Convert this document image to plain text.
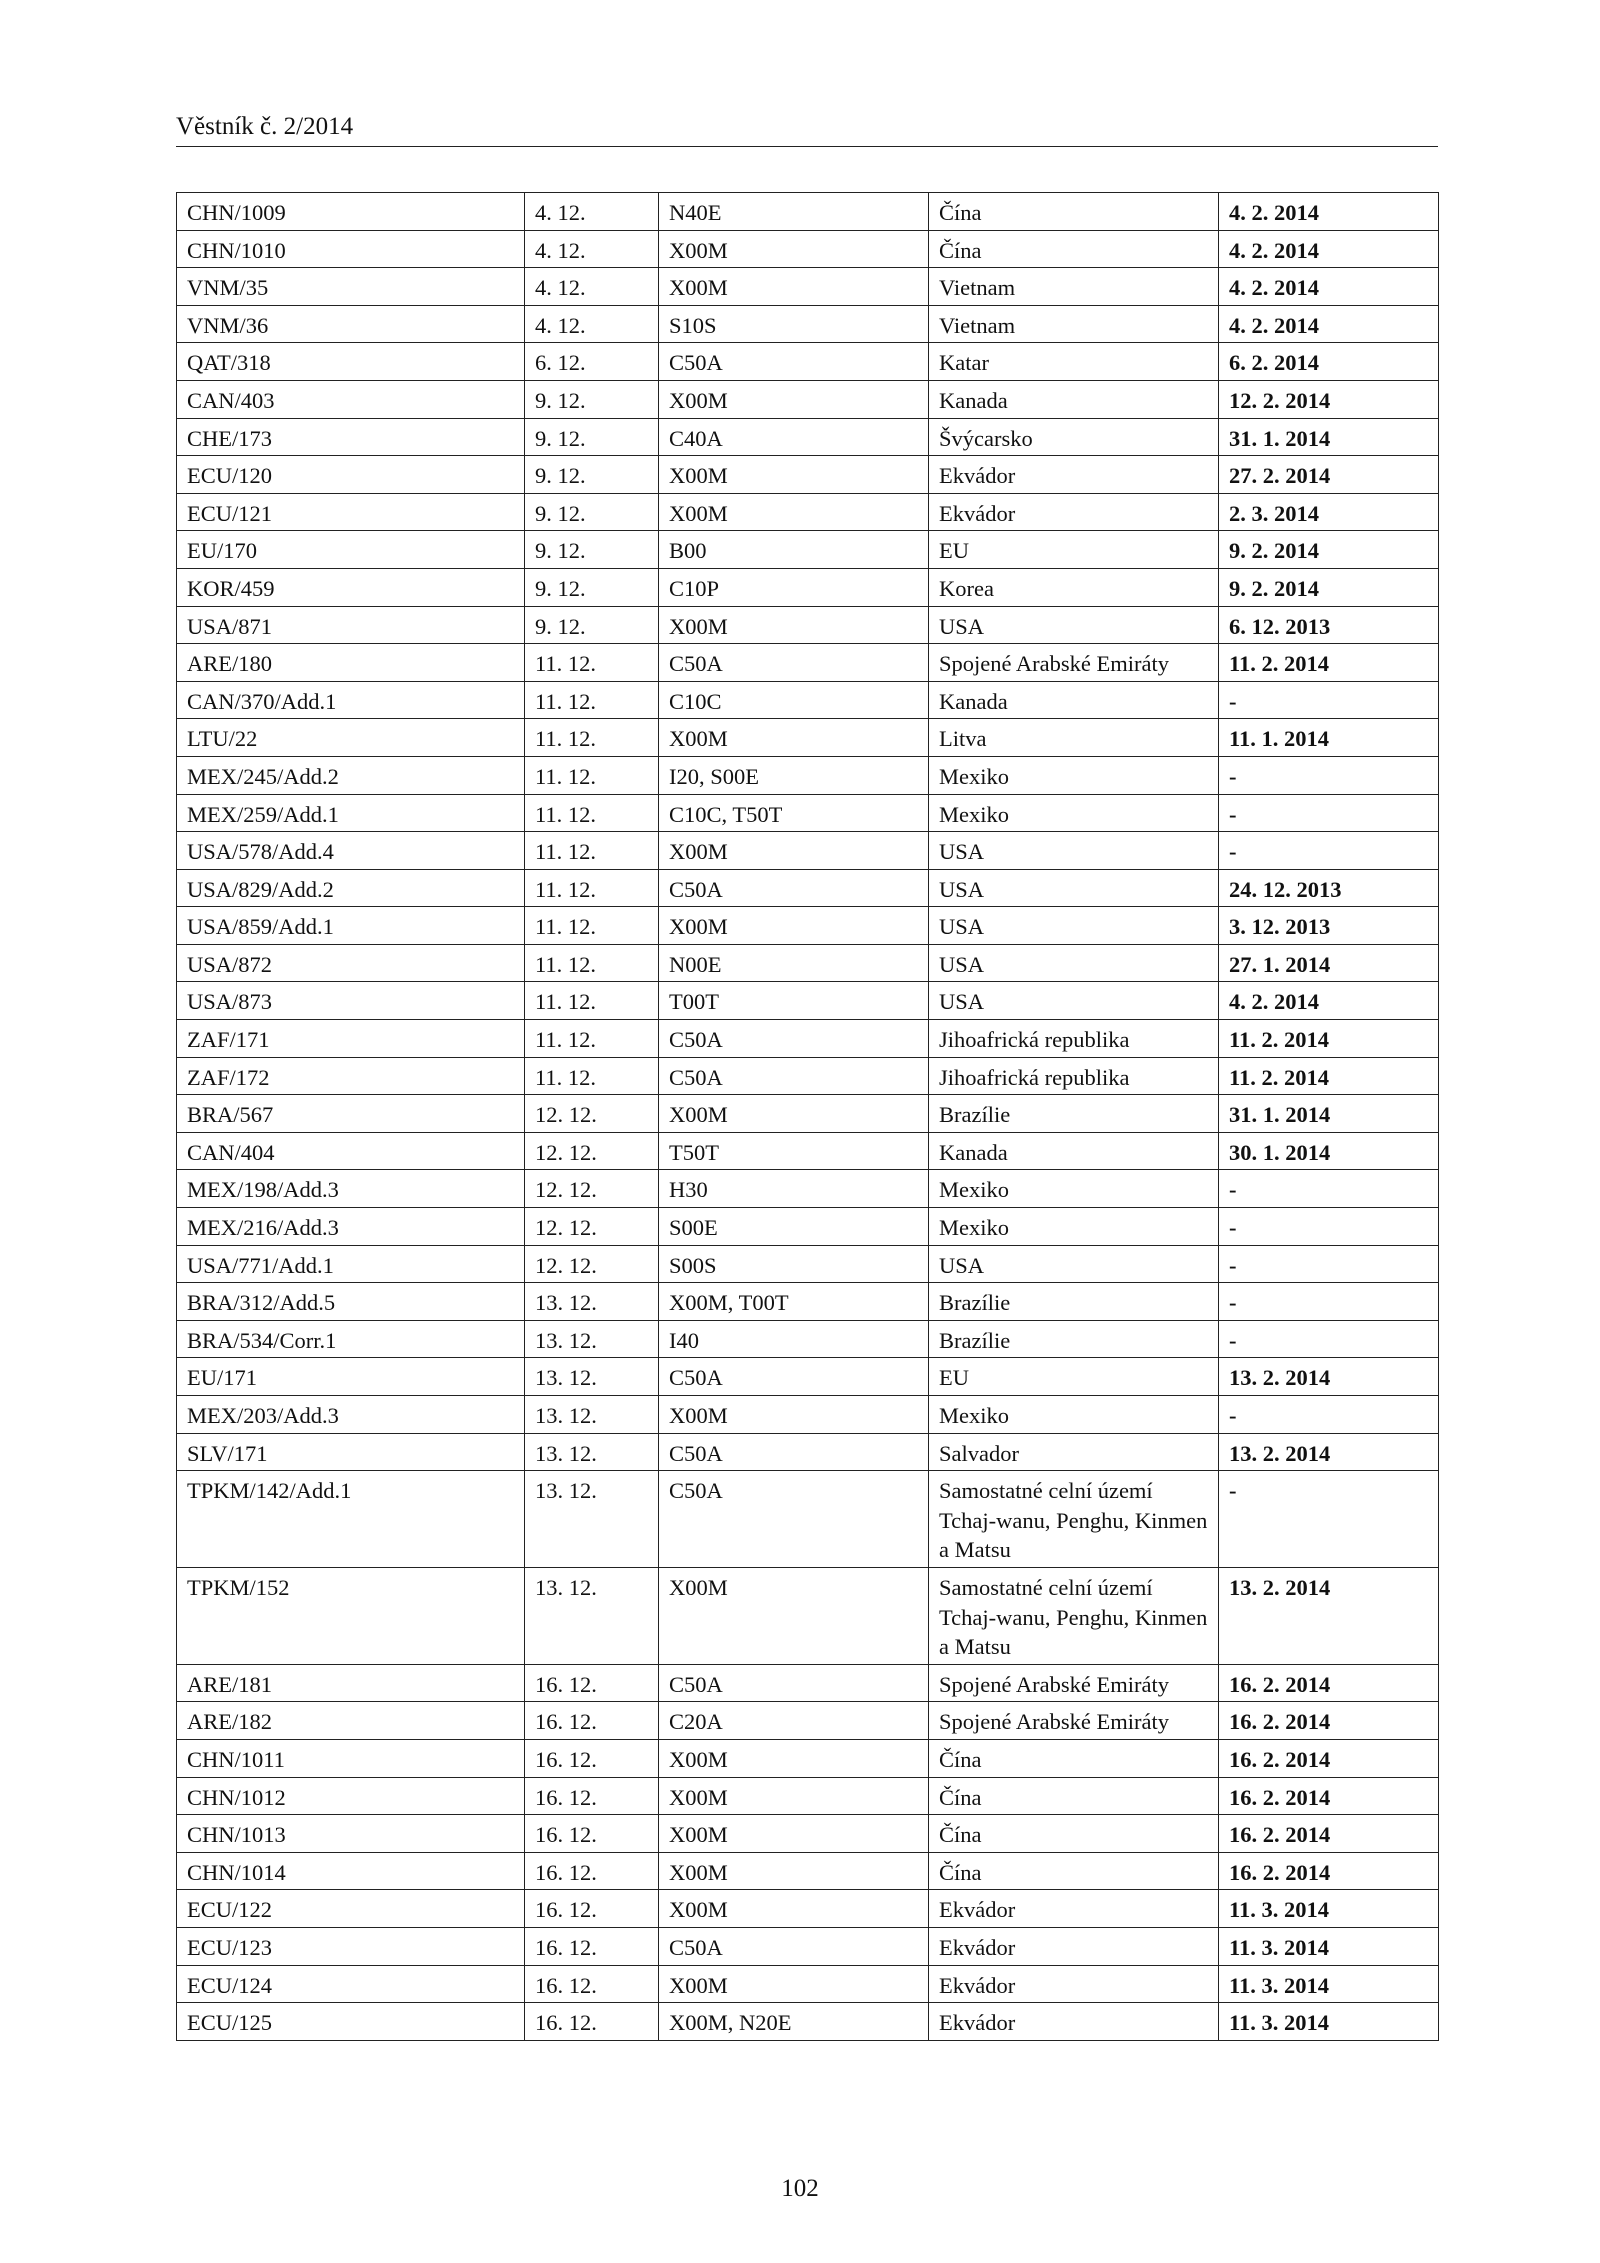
Věstník č. 2/2014
CHN/1009	4. 12.	N40E	Čína	4. 2. 2014
CHN/1010	4. 12.	X00M	Čína	4. 2. 2014
VNM/35	4. 12.	X00M	Vietnam	4. 2. 2014
VNM/36	4. 12.	S10S	Vietnam	4. 2. 2014
QAT/318	6. 12.	C50A	Katar	6. 2. 2014
CAN/403	9. 12.	X00M	Kanada	12. 2. 2014
CHE/173	9. 12.	C40A	Švýcarsko	31. 1. 2014
ECU/120	9. 12.	X00M	Ekvádor	27. 2. 2014
ECU/121	9. 12.	X00M	Ekvádor	2. 3. 2014
EU/170	9. 12.	B00	EU	9. 2. 2014
KOR/459	9. 12.	C10P	Korea	9. 2. 2014
USA/871	9. 12.	X00M	USA	6. 12. 2013
ARE/180	11. 12.	C50A	Spojené Arabské Emiráty	11. 2. 2014
CAN/370/Add.1	11. 12.	C10C	Kanada	-
LTU/22	11. 12.	X00M	Litva	11. 1. 2014
MEX/245/Add.2	11. 12.	I20, S00E	Mexiko	-
MEX/259/Add.1	11. 12.	C10C, T50T	Mexiko	-
USA/578/Add.4	11. 12.	X00M	USA	-
USA/829/Add.2	11. 12.	C50A	USA	24. 12. 2013
USA/859/Add.1	11. 12.	X00M	USA	3. 12. 2013
USA/872	11. 12.	N00E	USA	27. 1. 2014
USA/873	11. 12.	T00T	USA	4. 2. 2014
ZAF/171	11. 12.	C50A	Jihoafrická republika	11. 2. 2014
ZAF/172	11. 12.	C50A	Jihoafrická republika	11. 2. 2014
BRA/567	12. 12.	X00M	Brazílie	31. 1. 2014
CAN/404	12. 12.	T50T	Kanada	30. 1. 2014
MEX/198/Add.3	12. 12.	H30	Mexiko	-
MEX/216/Add.3	12. 12.	S00E	Mexiko	-
USA/771/Add.1	12. 12.	S00S	USA	-
BRA/312/Add.5	13. 12.	X00M, T00T	Brazílie	-
BRA/534/Corr.1	13. 12.	I40	Brazílie	-
EU/171	13. 12.	C50A	EU	13. 2. 2014
MEX/203/Add.3	13. 12.	X00M	Mexiko	-
SLV/171	13. 12.	C50A	Salvador	13. 2. 2014
TPKM/142/Add.1	13. 12.	C50A	Samostatné celní území Tchaj-wanu, Penghu, Kinmen a Matsu	-
TPKM/152	13. 12.	X00M	Samostatné celní území Tchaj-wanu, Penghu, Kinmen a Matsu	13. 2. 2014
ARE/181	16. 12.	C50A	Spojené Arabské Emiráty	16. 2. 2014
ARE/182	16. 12.	C20A	Spojené Arabské Emiráty	16. 2. 2014
CHN/1011	16. 12.	X00M	Čína	16. 2. 2014
CHN/1012	16. 12.	X00M	Čína	16. 2. 2014
CHN/1013	16. 12.	X00M	Čína	16. 2. 2014
CHN/1014	16. 12.	X00M	Čína	16. 2. 2014
ECU/122	16. 12.	X00M	Ekvádor	11. 3. 2014
ECU/123	16. 12.	C50A	Ekvádor	11. 3. 2014
ECU/124	16. 12.	X00M	Ekvádor	11. 3. 2014
ECU/125	16. 12.	X00M, N20E	Ekvádor	11. 3. 2014
102
